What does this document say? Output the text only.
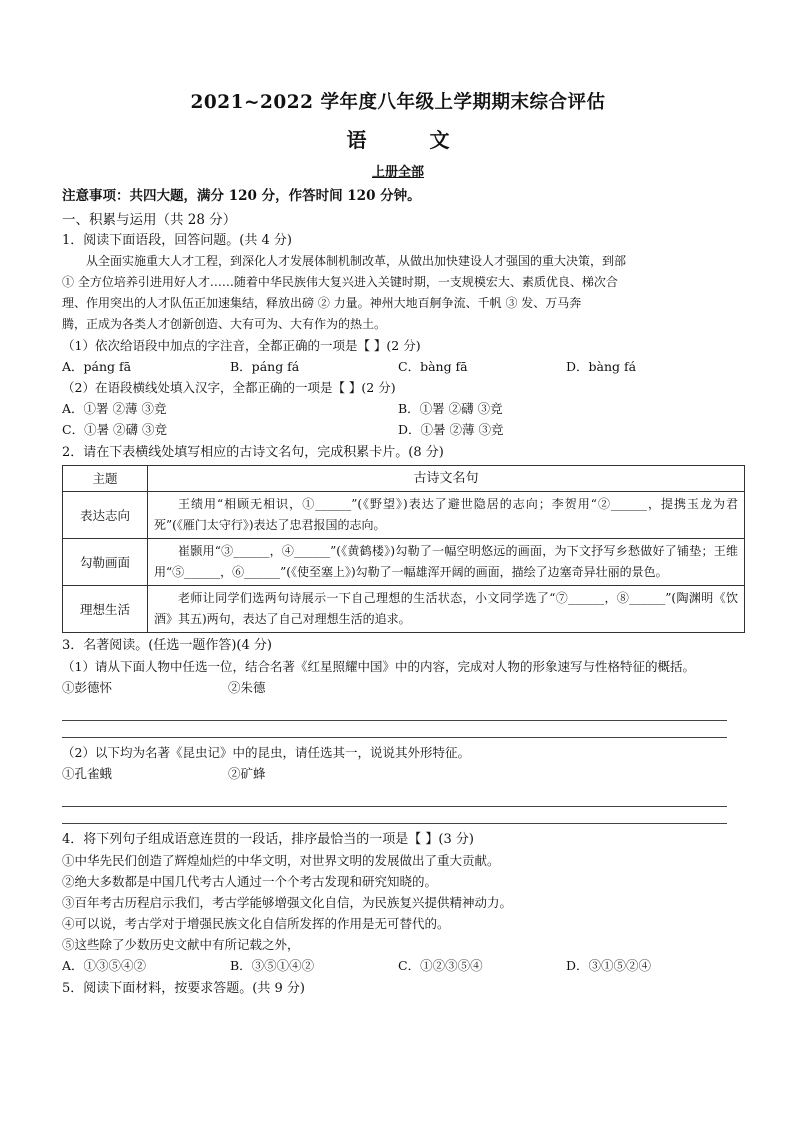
2021~2022 学年度八年级上学期期末综合评估
语 文
上册全部
注意事项：共四大题，满分 120 分，作答时间 120 分钟。
一、积累与运用（共 28 分）
1．阅读下面语段，回答问题。(共 4 分)
从全面实施重大人才工程，到深化人才发展体制机制改革，从做出加快建设人才强国的重大决策，到部
① 全方位培养引进用好人才……随着中华民族伟大复兴进入关键时期，一支规模宏大、素质优良、梯次合
理、作用突出的人才队伍正加速集结，释放出磅 ② 力量。神州大地百舸争流、千帆 ③ 发、万马奔
腾，正成为各类人才创新创造、大有可为、大有作为的热土。
（1）依次给语段中加点的字注音，全都正确的一项是【 】(2 分)
A．páng fā	B．páng fá	C．bàng fā	D．bàng fá
（2）在语段横线处填入汉字，全都正确的一项是【 】(2 分)
A．①署 ②薄 ③竞	B．①署 ②礴 ③竞
C．①暑 ②礴 ③竞	D．①暑 ②薄 ③竞
2．请在下表横线处填写相应的古诗文名句，完成积累卡片。(8 分)
主题	古诗文名句
表达志向	王绩用“相顾无相识，①______”(《野望》)表达了避世隐居的志向；李贺用“②______，提携玉龙为君死”(《雁门太守行》)表达了忠君报国的志向。
勾勒画面	崔颢用“③______，④______”(《黄鹤楼》)勾勒了一幅空明悠远的画面，为下文抒写乡愁做好了铺垫；王维用“⑤______，⑥______”(《使至塞上》)勾勒了一幅雄浑开阔的画面，描绘了边塞奇异壮丽的景色。
理想生活	老师让同学们选两句诗展示一下自己理想的生活状态，小文同学选了“⑦______，⑧______”(陶渊明《饮酒》其五)两句，表达了自己对理想生活的追求。
3．名著阅读。(任选一题作答)(4 分)
（1）请从下面人物中任选一位，结合名著《红星照耀中国》中的内容，完成对人物的形象速写与性格特征的概括。
①彭德怀	②朱德
（2）以下均为名著《昆虫记》中的昆虫，请任选其一，说说其外形特征。
①孔雀蛾	②矿蜂
4．将下列句子组成语意连贯的一段话，排序最恰当的一项是【 】(3 分)
①中华先民们创造了辉煌灿烂的中华文明，对世界文明的发展做出了重大贡献。
②绝大多数都是中国几代考古人通过一个个考古发现和研究知晓的。
③百年考古历程启示我们，考古学能够增强文化自信，为民族复兴提供精神动力。
④可以说，考古学对于增强民族文化自信所发挥的作用是无可替代的。
⑤这些除了少数历史文献中有所记载之外，
A．①③⑤④②	B．③⑤①④②	C．①②③⑤④	D．③①⑤②④
5．阅读下面材料，按要求答题。(共 9 分)
